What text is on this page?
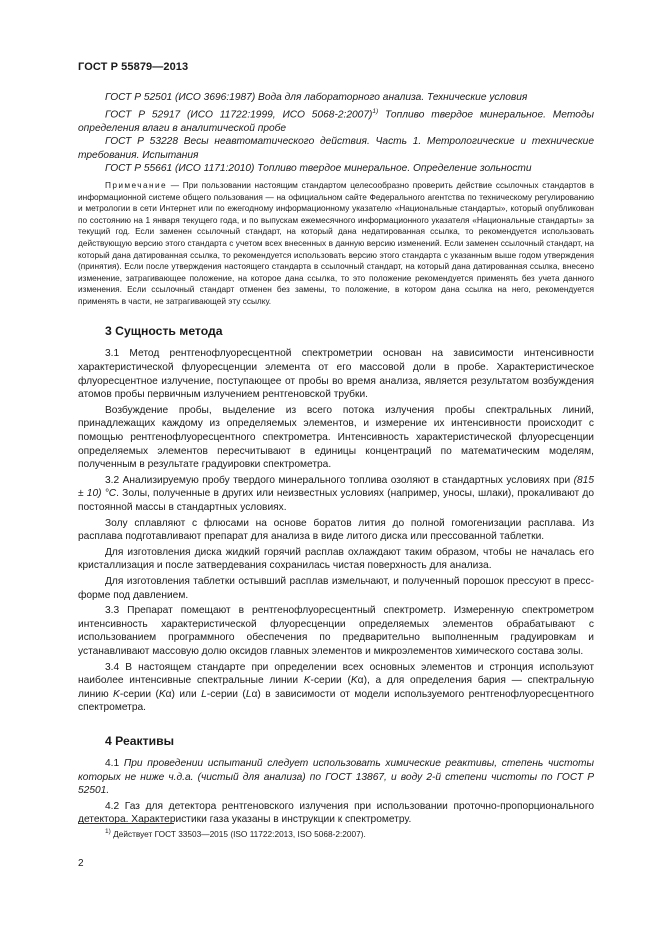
ГОСТ Р 55879—2013

ГОСТ Р 52501 (ИСО 3696:1987) Вода для лабораторного анализа. Технические условия

ГОСТ Р 52917 (ИСО 11722:1999, ИСО 5068-2:2007)$^{1)}$ Топливо твердое минеральное. Методы определения влаги в аналитической пробе

ГОСТ Р 53228 Весы неавтоматического действия. Часть 1. Метрологические и технические требования. Испытания

ГОСТ Р 55661 (ИСО 1171:2010) Топливо твердое минеральное. Определение зольности

Примечание — При пользовании настоящим стандартом целесообразно проверить действие ссылочных стандартов в информационной системе общего пользования — на официальном сайте Федерального агентства по техническому регулированию и метрологии в сети Интернет или по ежегодному информационному указателю «Национальные стандарты», который опубликован по состоянию на 1 января текущего года, и по выпускам ежемесячного информационного указателя «Национальные стандарты» за текущий год. Если заменен ссылочный стандарт, на который дана недатированная ссылка, то рекомендуется использовать действующую версию этого стандарта с учетом всех внесенных в данную версию изменений. Если заменен ссылочный стандарт, на который дана датированная ссылка, то рекомендуется использовать версию этого стандарта с указанным выше годом утверждения (принятия). Если после утверждения настоящего стандарта в ссылочный стандарт, на который дана датированная ссылка, внесено изменение, затрагивающее положение, на которое дана ссылка, то это положение рекомендуется применять без учета данного изменения. Если ссылочный стандарт отменен без замены, то положение, в котором дана ссылка на него, рекомендуется применять в части, не затрагивающей эту ссылку.

3 Сущность метода

3.1 Метод рентгенофлуоресцентной спектрометрии основан на зависимости интенсивности характеристической флуоресценции элемента от его массовой доли в пробе. Характеристическое флуоресцентное излучение, поступающее от пробы во время анализа, является результатом возбуждения атомов пробы первичным излучением рентгеновской трубки.

Возбуждение пробы, выделение из всего потока излучения пробы спектральных линий, принадлежащих каждому из определяемых элементов, и измерение их интенсивности происходит с помощью рентгенофлуоресцентного спектрометра. Интенсивность характеристической флуоресценции определяемых элементов пересчитывают в единицы концентраций по математическим моделям, полученным в результате градуировки спектрометра.

3.2 Анализируемую пробу твердого минерального топлива озоляют в стандартных условиях при (815 ± 10) °C. Золы, полученные в других или неизвестных условиях (например, уносы, шлаки), прокаливают до постоянной массы в стандартных условиях.

Золу сплавляют с флюсами на основе боратов лития до полной гомогенизации расплава. Из расплава подготавливают препарат для анализа в виде литого диска или прессованной таблетки.

Для изготовления диска жидкий горячий расплав охлаждают таким образом, чтобы не началась его кристаллизация и после затвердевания сохранилась чистая поверхность для анализа.

Для изготовления таблетки остывший расплав измельчают, и полученный порошок прессуют в пресс-форме под давлением.

3.3 Препарат помещают в рентгенофлуоресцентный спектрометр. Измеренную спектрометром интенсивность характеристической флуоресценции определяемых элементов обрабатывают с использованием программного обеспечения по предварительно выполненным градуировкам и устанавливают массовую долю оксидов главных элементов и микроэлементов химического состава золы.

3.4 В настоящем стандарте при определении всех основных элементов и стронция используют наиболее интенсивные спектральные линии K-серии (Kα), а для определения бария — спектральную линию K-серии (Kα) или L-серии (Lα) в зависимости от модели используемого рентгенофлуоресцентного спектрометра.

4 Реактивы

4.1 При проведении испытаний следует использовать химические реактивы, степень чистоты которых не ниже ч.д.а. (чистый для анализа) по ГОСТ 13867, и воду 2-й степени чистоты по ГОСТ Р 52501.

4.2 Газ для детектора рентгеновского излучения при использовании проточно-пропорционального детектора. Характеристики газа указаны в инструкции к спектрометру.

$^{1)}$ Действует ГОСТ 33503—2015 (ISO 11722:2013, ISO 5068-2:2007).
2
